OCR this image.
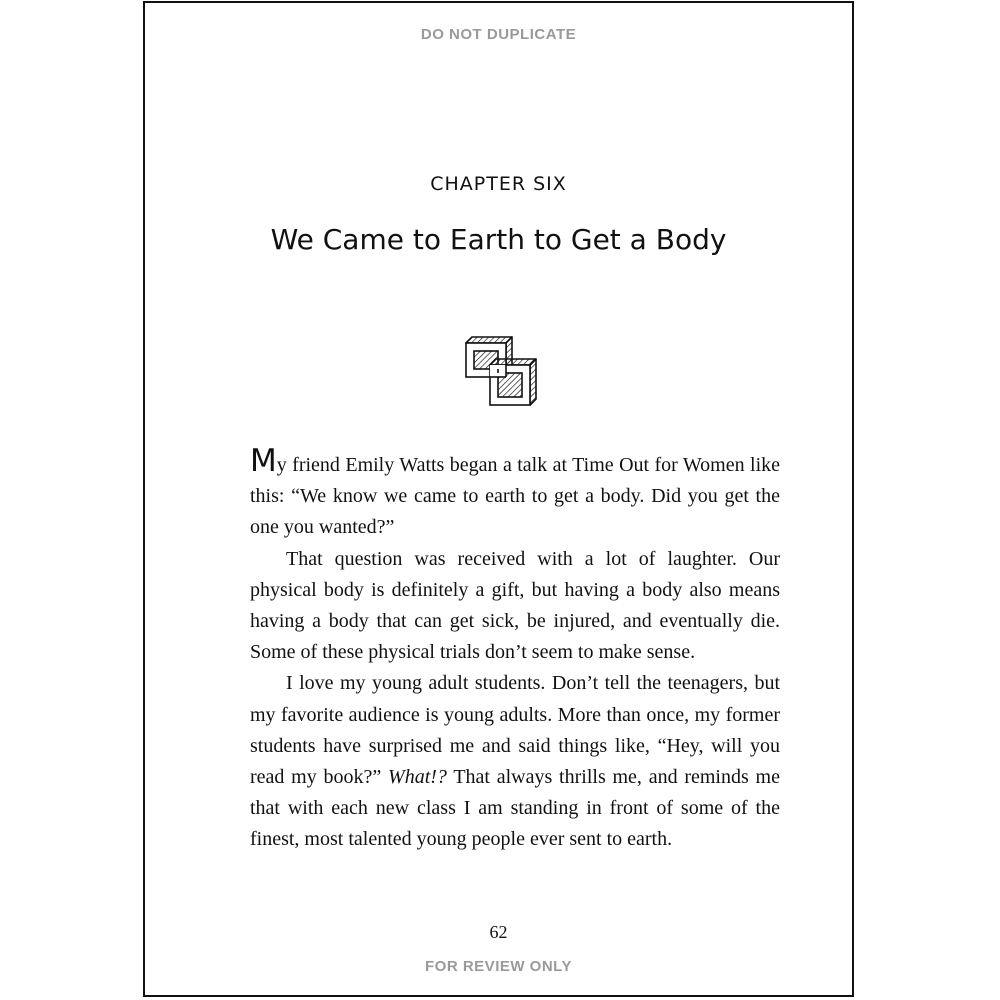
DO NOT DUPLICATE
CHAPTER SIX
We Came to Earth to Get a Body

My friend Emily Watts began a talk at Time Out for Women like this: “We know we came to earth to get a body. Did you get the one you wanted?”

That question was received with a lot of laughter. Our physical body is definitely a gift, but having a body also means having a body that can get sick, be injured, and eventually die. Some of these physical trials don’t seem to make sense.

I love my young adult students. Don’t tell the teenagers, but my favorite audience is young adults. More than once, my former students have surprised me and said things like, “Hey, will you read my book?” What!? That always thrills me, and reminds me that with each new class I am standing in front of some of the finest, most talented young people ever sent to earth.

62
FOR REVIEW ONLY
